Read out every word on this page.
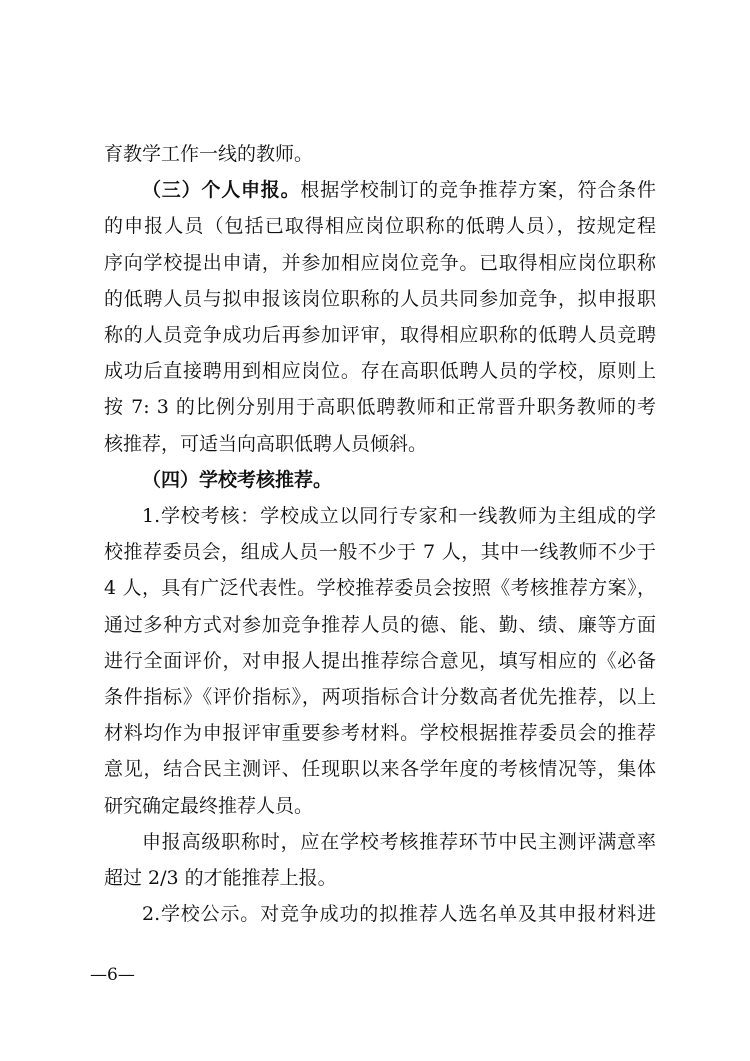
育教学工作一线的教师。
（三）个人申报。根据学校制订的竞争推荐方案，符合条件
的申报人员（包括已取得相应岗位职称的低聘人员），按规定程
序向学校提出申请，并参加相应岗位竞争。已取得相应岗位职称
的低聘人员与拟申报该岗位职称的人员共同参加竞争，拟申报职
称的人员竞争成功后再参加评审，取得相应职称的低聘人员竞聘
成功后直接聘用到相应岗位。存在高职低聘人员的学校，原则上
按 7: 3 的比例分别用于高职低聘教师和正常晋升职务教师的考
核推荐，可适当向高职低聘人员倾斜。
（四）学校考核推荐。
1.学校考核：学校成立以同行专家和一线教师为主组成的学
校推荐委员会，组成人员一般不少于 7 人，其中一线教师不少于
4 人，具有广泛代表性。学校推荐委员会按照《考核推荐方案》，
通过多种方式对参加竞争推荐人员的德、能、勤、绩、廉等方面
进行全面评价，对申报人提出推荐综合意见，填写相应的《必备
条件指标》《评价指标》，两项指标合计分数高者优先推荐，以上
材料均作为申报评审重要参考材料。学校根据推荐委员会的推荐
意见，结合民主测评、任现职以来各学年度的考核情况等，集体
研究确定最终推荐人员。
申报高级职称时，应在学校考核推荐环节中民主测评满意率
超过 2/3 的才能推荐上报。
2.学校公示。对竞争成功的拟推荐人选名单及其申报材料进
—6—
